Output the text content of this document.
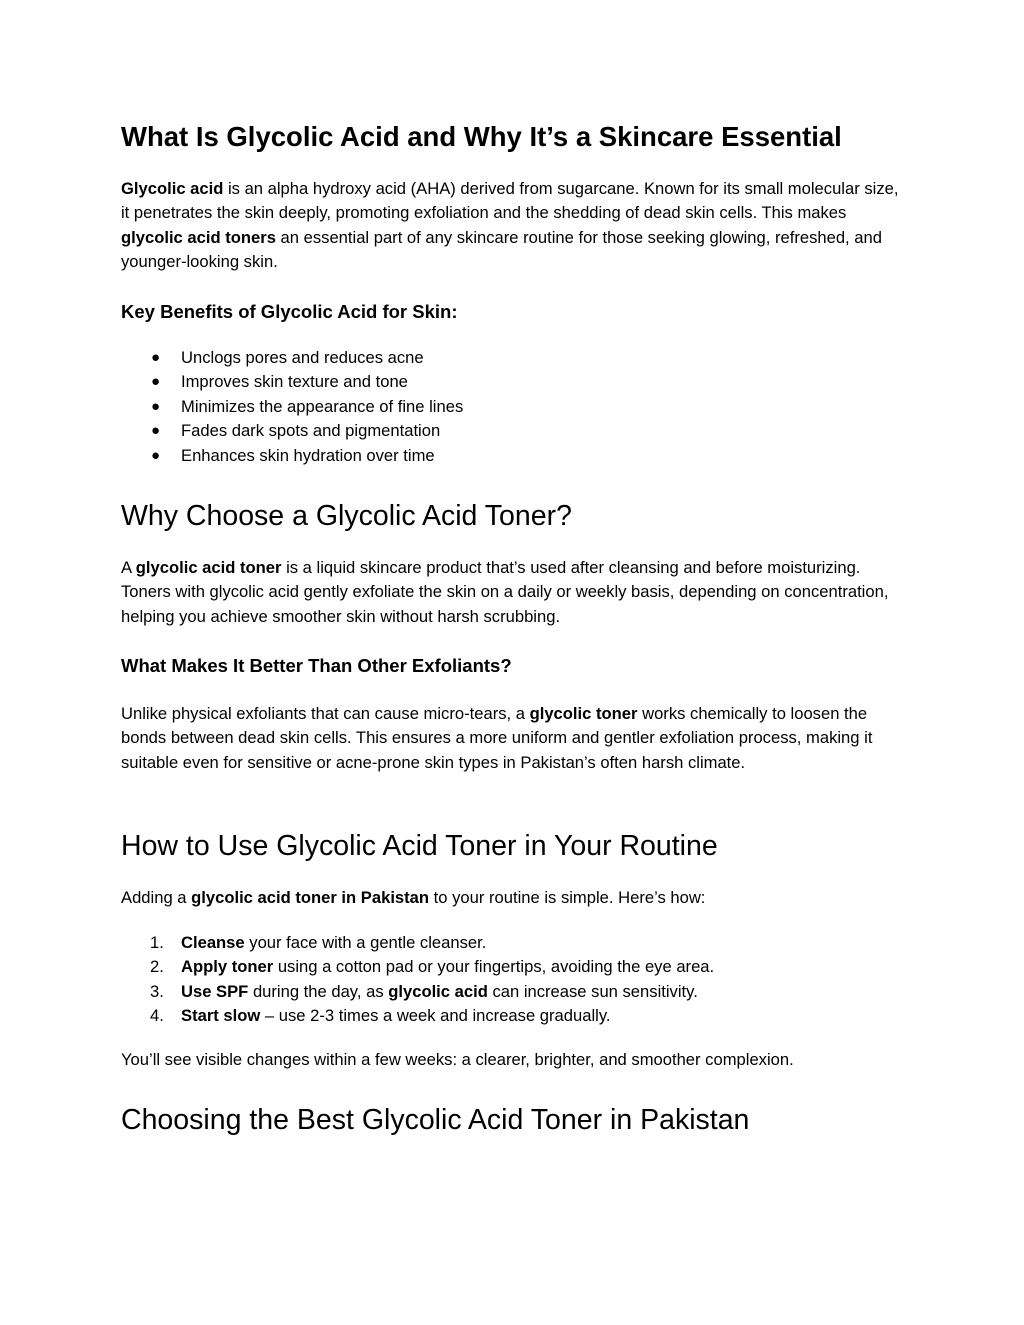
What Is Glycolic Acid and Why It’s a Skincare Essential

Glycolic acid is an alpha hydroxy acid (AHA) derived from sugarcane. Known for its small molecular size, it penetrates the skin deeply, promoting exfoliation and the shedding of dead skin cells. This makes glycolic acid toners an essential part of any skincare routine for those seeking glowing, refreshed, and younger-looking skin.

Key Benefits of Glycolic Acid for Skin:
●	Unclogs pores and reduces acne
●	Improves skin texture and tone
●	Minimizes the appearance of fine lines
●	Fades dark spots and pigmentation
●	Enhances skin hydration over time
Why Choose a Glycolic Acid Toner?

A glycolic acid toner is a liquid skincare product that’s used after cleansing and before moisturizing. Toners with glycolic acid gently exfoliate the skin on a daily or weekly basis, depending on concentration, helping you achieve smoother skin without harsh scrubbing.

What Makes It Better Than Other Exfoliants?

Unlike physical exfoliants that can cause micro-tears, a glycolic toner works chemically to loosen the bonds between dead skin cells. This ensures a more uniform and gentler exfoliation process, making it suitable even for sensitive or acne-prone skin types in Pakistan’s often harsh climate.

How to Use Glycolic Acid Toner in Your Routine

Adding a glycolic acid toner in Pakistan to your routine is simple. Here’s how:

1.	Cleanse your face with a gentle cleanser.
2.	Apply toner using a cotton pad or your fingertips, avoiding the eye area.
3.	Use SPF during the day, as glycolic acid can increase sun sensitivity.
4.	Start slow – use 2-3 times a week and increase gradually.

You’ll see visible changes within a few weeks: a clearer, brighter, and smoother complexion.

Choosing the Best Glycolic Acid Toner in Pakistan
